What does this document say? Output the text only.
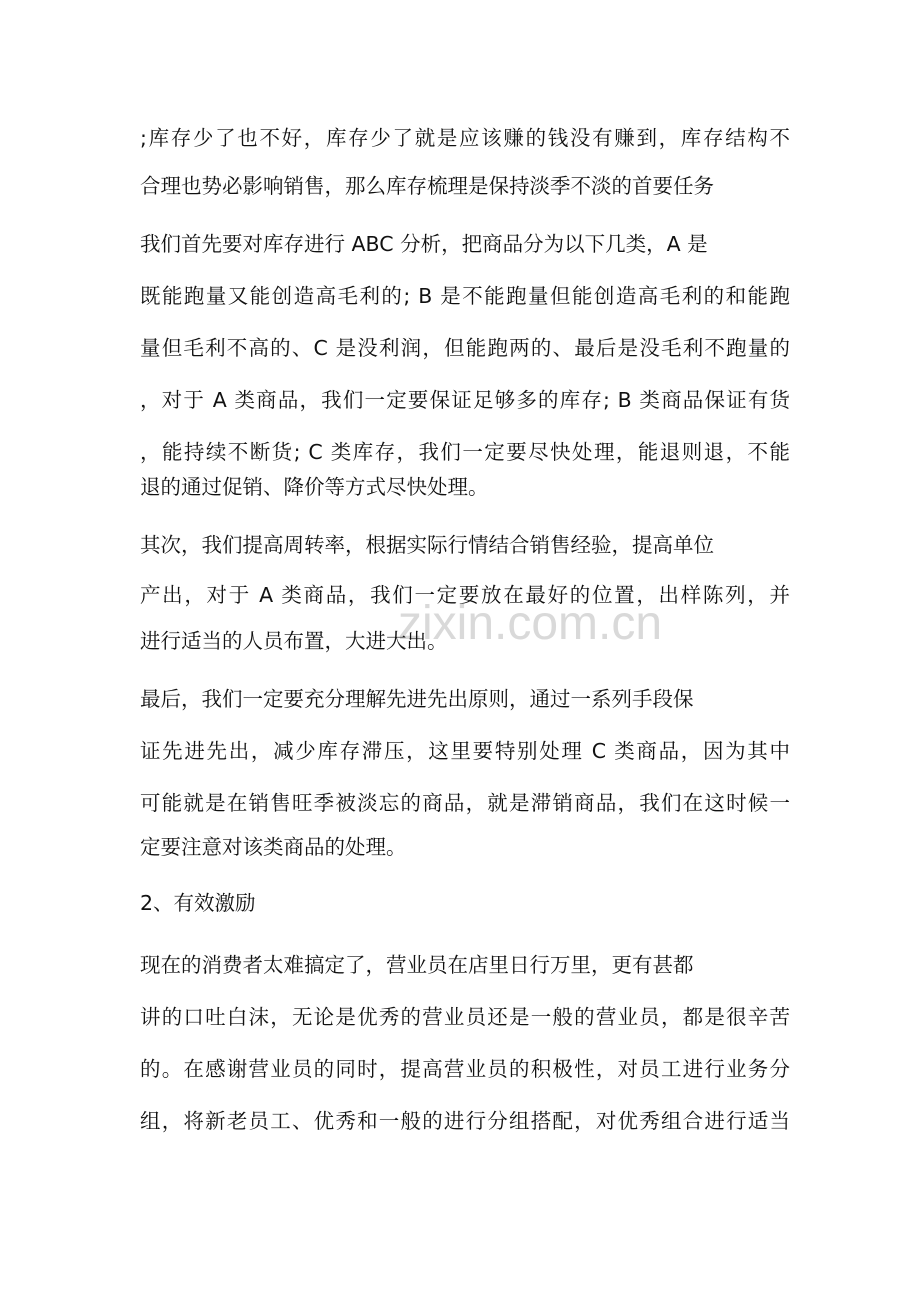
zixin.com.cn
;库存少了也不好，库存少了就是应该赚的钱没有赚到，库存结构不
合理也势必影响销售，那么库存梳理是保持淡季不淡的首要任务
我们首先要对库存进行 ABC 分析，把商品分为以下几类，A 是
既能跑量又能创造高毛利的; B 是不能跑量但能创造高毛利的和能跑
量但毛利不高的、C 是没利润，但能跑两的、最后是没毛利不跑量的
，对于 A 类商品，我们一定要保证足够多的库存; B 类商品保证有货
，能持续不断货; C 类库存，我们一定要尽快处理，能退则退，不能
退的通过促销、降价等方式尽快处理。
其次，我们提高周转率，根据实际行情结合销售经验，提高单位
产出，对于 A 类商品，我们一定要放在最好的位置，出样陈列，并
进行适当的人员布置，大进大出。
最后，我们一定要充分理解先进先出原则，通过一系列手段保
证先进先出，减少库存滞压，这里要特别处理 C 类商品，因为其中
可能就是在销售旺季被淡忘的商品，就是滞销商品，我们在这时候一
定要注意对该类商品的处理。
2、有效激励
现在的消费者太难搞定了，营业员在店里日行万里，更有甚都
讲的口吐白沫，无论是优秀的营业员还是一般的营业员，都是很辛苦
的。在感谢营业员的同时，提高营业员的积极性，对员工进行业务分
组，将新老员工、优秀和一般的进行分组搭配，对优秀组合进行适当
